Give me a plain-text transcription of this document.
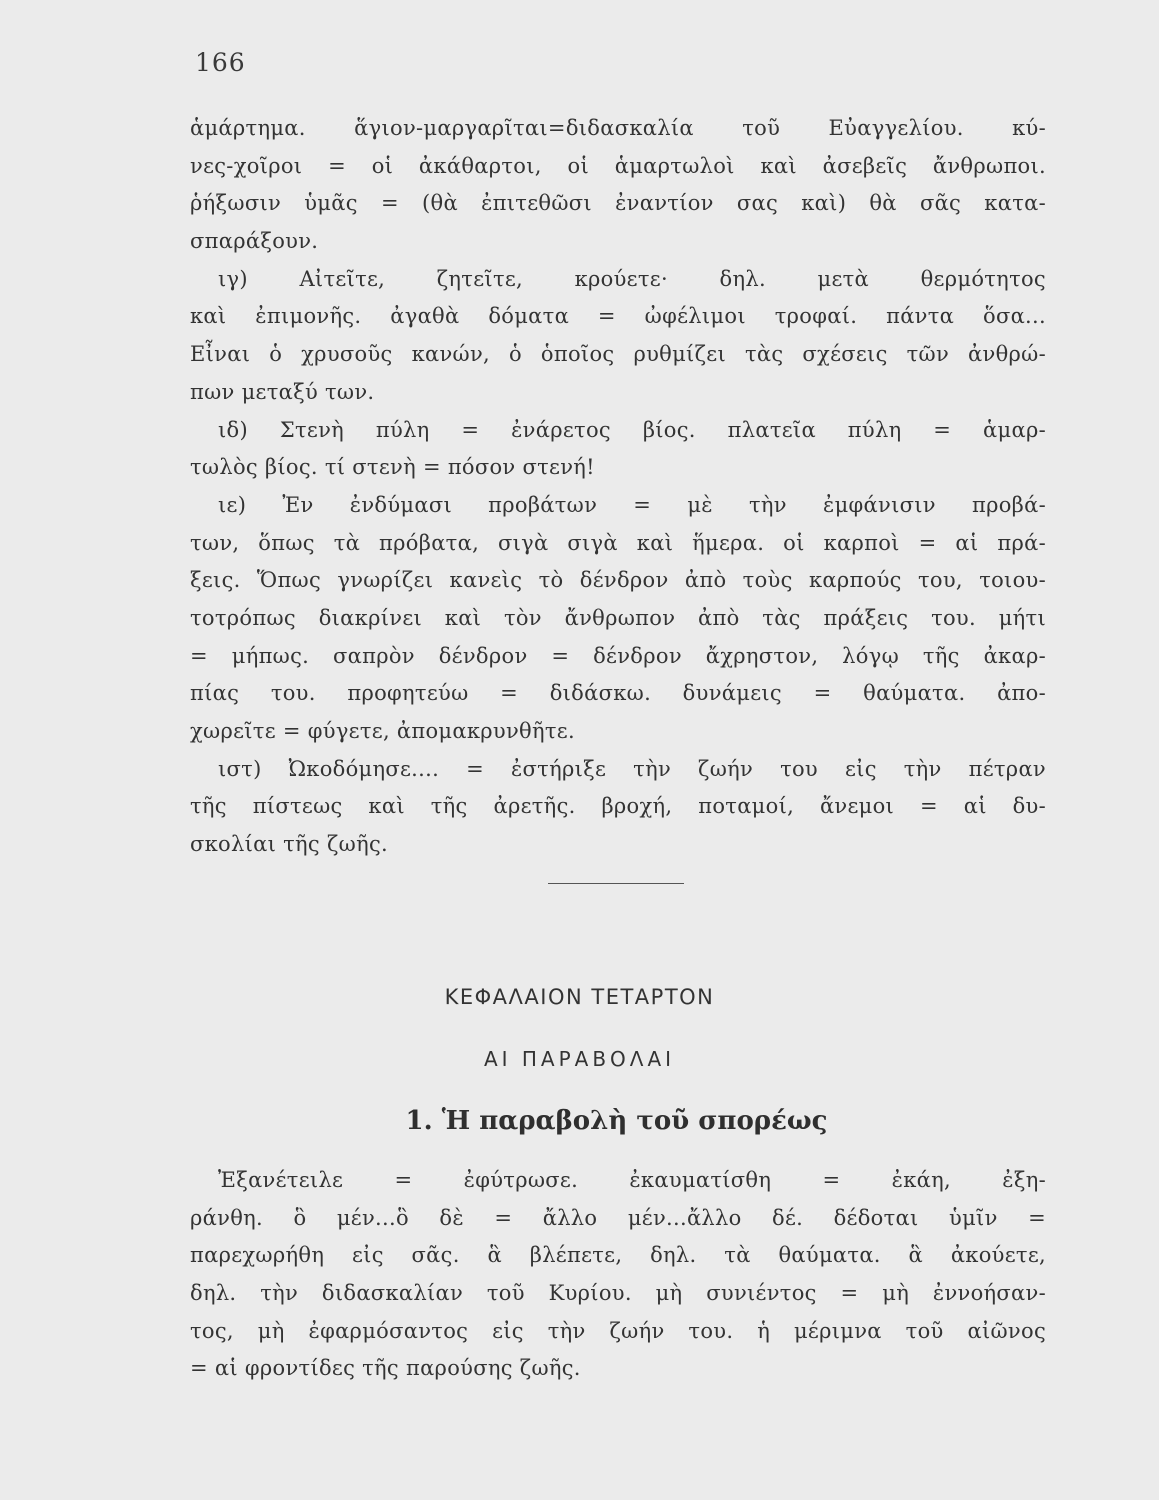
166
ἁμάρτημα. ἅγιον-μαργαρῖται=διδασκαλία τοῦ Εὐαγγελίου. κύ-
νες-χοῖροι = οἱ ἀκάθαρτοι, οἱ ἁμαρτωλοὶ καὶ ἀσεβεῖς ἄνθρωποι.
ῥήξωσιν ὑμᾶς = (θὰ ἐπιτεθῶσι ἐναντίον σας καὶ) θὰ σᾶς κατα-
σπαράξουν.
ιγ) Αἰτεῖτε, ζητεῖτε, κρούετε· δηλ. μετὰ θερμότητος
καὶ ἐπιμονῆς. ἀγαθὰ δόματα = ὠφέλιμοι τροφαί. πάντα ὅσα...
Εἶναι ὁ χρυσοῦς κανών, ὁ ὁποῖος ρυθμίζει τὰς σχέσεις τῶν ἀνθρώ-
πων μεταξύ των.
ιδ) Στενὴ πύλη = ἐνάρετος βίος. πλατεῖα πύλη = ἁμαρ-
τωλὸς βίος. τί στενὴ = πόσον στενή!
ιε) Ἐν ἐνδύμασι προβάτων = μὲ τὴν ἐμφάνισιν προβά-
των, ὅπως τὰ πρόβατα, σιγὰ σιγὰ καὶ ἥμερα. οἱ καρποὶ = αἱ πρά-
ξεις. Ὅπως γνωρίζει κανεὶς τὸ δένδρον ἀπὸ τοὺς καρπούς του, τοιου-
τοτρόπως διακρίνει καὶ τὸν ἄνθρωπον ἀπὸ τὰς πράξεις του. μήτι
= μήπως. σαπρὸν δένδρον = δένδρον ἄχρηστον, λόγῳ τῆς ἀκαρ-
πίας του. προφητεύω = διδάσκω. δυνάμεις = θαύματα. ἀπο-
χωρεῖτε = φύγετε, ἀπομακρυνθῆτε.
ιστ) Ὠκοδόμησε.... = ἐστήριξε τὴν ζωήν του εἰς τὴν πέτραν
τῆς πίστεως καὶ τῆς ἀρετῆς. βροχή, ποταμοί, ἄνεμοι = αἱ δυ-
σκολίαι τῆς ζωῆς.
ΚΕΦΑΛΑΙΟΝ ΤΕΤΑΡΤΟΝ
ΑΙ ΠΑΡΑΒΟΛΑΙ
1. Ἡ παραβολὴ τοῦ σπορέως
Ἐξανέτειλε = ἐφύτρωσε. ἐκαυματίσθη = ἐκάη, ἐξη-
ράνθη. ὃ μέν...ὃ δὲ = ἄλλο μέν...ἄλλο δέ. δέδοται ὑμῖν =
παρεχωρήθη εἰς σᾶς. ἃ βλέπετε, δηλ. τὰ θαύματα. ἃ ἀκούετε,
δηλ. τὴν διδασκαλίαν τοῦ Κυρίου. μὴ συνιέντος = μὴ ἐννοήσαν-
τος, μὴ ἐφαρμόσαντος εἰς τὴν ζωήν του. ἡ μέριμνα τοῦ αἰῶνος
= αἱ φροντίδες τῆς παρούσης ζωῆς.
